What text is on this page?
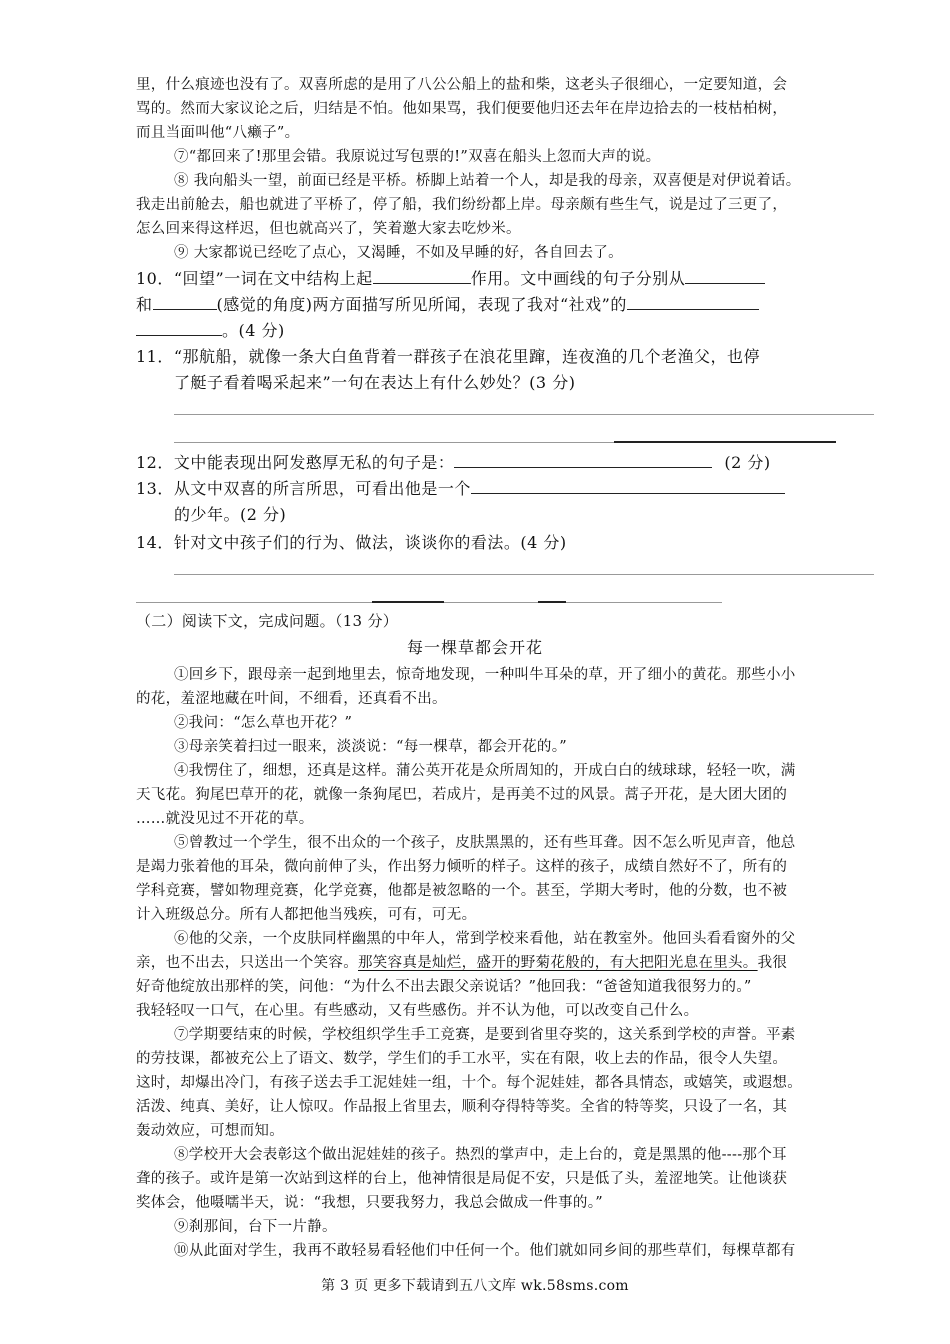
里，什么痕迹也没有了。双喜所虑的是用了八公公船上的盐和柴，这老头子很细心，一定要知道，会
骂的。然而大家议论之后，归结是不怕。他如果骂，我们便要他归还去年在岸边拾去的一枝枯柏树，
而且当面叫他“八癞子”。
⑦“都回来了!那里会错。我原说过写包票的!”双喜在船头上忽而大声的说。
⑧ 我向船头一望，前面已经是平桥。桥脚上站着一个人，却是我的母亲，双喜便是对伊说着话。
我走出前舱去，船也就进了平桥了，停了船，我们纷纷都上岸。母亲颇有些生气，说是过了三更了，
怎么回来得这样迟，但也就高兴了，笑着邀大家去吃炒米。
⑨ 大家都说已经吃了点心，又渴睡，不如及早睡的好，各自回去了。
10．“回望”一词在文中结构上起	作用。文中画线的句子分别从
和	(感觉的角度)两方面描写所见所闻，表现了我对“社戏”的
。(4 分)
11．“那航船，就像一条大白鱼背着一群孩子在浪花里蹿，连夜渔的几个老渔父，也停
了艇子看着喝采起来”一句在表达上有什么妙处？(3 分)
12．文中能表现出阿发憨厚无私的句子是：	(2 分)
13．从文中双喜的所言所思，可看出他是一个
的少年。(2 分)
14．针对文中孩子们的行为、做法，谈谈你的看法。(4 分)
（二）阅读下文，完成问题。（13 分）
每一棵草都会开花
①回乡下，跟母亲一起到地里去，惊奇地发现，一种叫牛耳朵的草，开了细小的黄花。那些小小
的花，羞涩地藏在叶间，不细看，还真看不出。
②我问：“怎么草也开花？”
③母亲笑着扫过一眼来，淡淡说：“每一棵草，都会开花的。”
④我愣住了，细想，还真是这样。蒲公英开花是众所周知的，开成白白的绒球球，轻轻一吹，满
天飞花。狗尾巴草开的花，就像一条狗尾巴，若成片，是再美不过的风景。蒿子开花，是大团大团的
……就没见过不开花的草。
⑤曾教过一个学生，很不出众的一个孩子，皮肤黑黑的，还有些耳聋。因不怎么听见声音，他总
是竭力张着他的耳朵，微向前伸了头，作出努力倾听的样子。这样的孩子，成绩自然好不了，所有的
学科竞赛，譬如物理竞赛，化学竞赛，他都是被忽略的一个。甚至，学期大考时，他的分数，也不被
计入班级总分。所有人都把他当残疾，可有，可无。
⑥他的父亲，一个皮肤同样幽黑的中年人，常到学校来看他，站在教室外。他回头看看窗外的父
亲，也不出去，只送出一个笑容。那笑容真是灿烂，盛开的野菊花般的，有大把阳光息在里头。我很
好奇他绽放出那样的笑，问他：“为什么不出去跟父亲说话？”他回我：“爸爸知道我很努力的。”
我轻轻叹一口气，在心里。有些感动，又有些感伤。并不认为他，可以改变自己什么。
⑦学期要结束的时候，学校组织学生手工竞赛，是要到省里夺奖的，这关系到学校的声誉。平素
的劳技课，都被充公上了语文、数学，学生们的手工水平，实在有限，收上去的作品，很令人失望。
这时，却爆出冷门，有孩子送去手工泥娃娃一组，十个。每个泥娃娃，都各具情态，或嬉笑，或遐想。
活泼、纯真、美好，让人惊叹。作品报上省里去，顺利夺得特等奖。全省的特等奖，只设了一名，其
轰动效应，可想而知。
⑧学校开大会表彰这个做出泥娃娃的孩子。热烈的掌声中，走上台的，竟是黑黑的他----那个耳
聋的孩子。或许是第一次站到这样的台上，他神情很是局促不安，只是低了头，羞涩地笑。让他谈获
奖体会，他嗫嚅半天，说：“我想，只要我努力，我总会做成一件事的。”
⑨刹那间，台下一片静。
⑩从此面对学生，我再不敢轻易看轻他们中任何一个。他们就如同乡间的那些草们，每棵草都有
第 3 页 更多下载请到五八文库 wk.58sms.com
